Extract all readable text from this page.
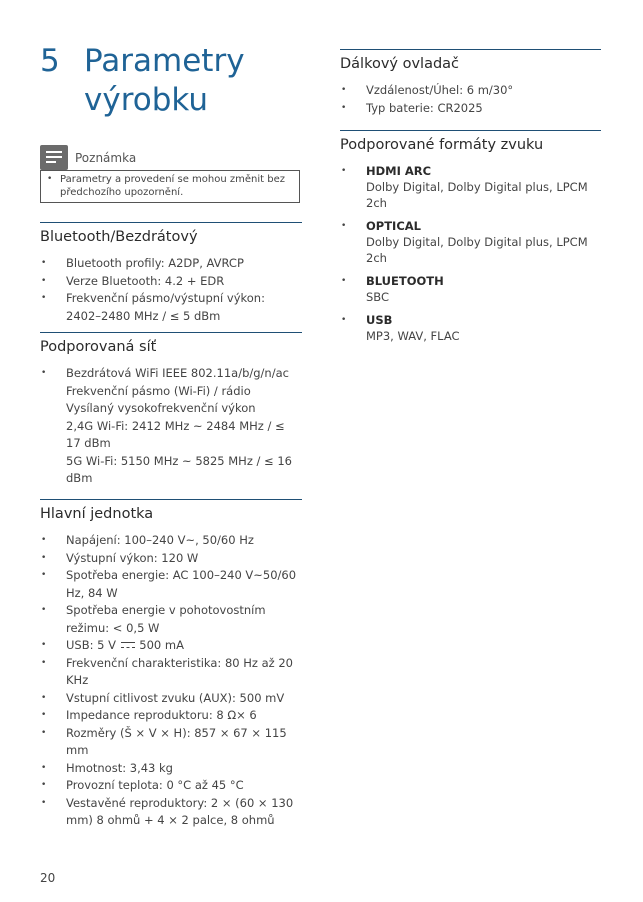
5 Parametry
výrobku
Poznámka
• Parametry a provedení se mohou změnit bez předchozího upozornění.
Bluetooth/Bezdrátový
• Bluetooth profily: A2DP, AVRCP
• Verze Bluetooth: 4.2 + EDR
• Frekvenční pásmo/výstupní výkon: 2402–2480 MHz / ≤ 5 dBm
Podporovaná síť
• Bezdrátová WiFi IEEE 802.11a/b/g/n/ac
Frekvenční pásmo (Wi-Fi) / rádio
Vysílaný vysokofrekvenční výkon
2,4G Wi-Fi: 2412 MHz ~ 2484 MHz / ≤ 17 dBm
5G Wi-Fi: 5150 MHz ~ 5825 MHz / ≤ 16 dBm
Hlavní jednotka
• Napájení: 100–240 V~, 50/60 Hz
• Výstupní výkon: 120 W
• Spotřeba energie: AC 100–240 V~50/60 Hz, 84 W
• Spotřeba energie v pohotovostním režimu: < 0,5 W
• USB: 5 V 500 mA
• Frekvenční charakteristika: 80 Hz až 20 KHz
• Vstupní citlivost zvuku (AUX): 500 mV
• Impedance reproduktoru: 8 Ω× 6
• Rozměry (Š × V × H): 857 × 67 × 115 mm
• Hmotnost: 3,43 kg
• Provozní teplota: 0 °C až 45 °C
• Vestavěné reproduktory: 2 × (60 × 130 mm) 8 ohmů + 4 × 2 palce, 8 ohmů
Dálkový ovladač
• Vzdálenost/Úhel: 6 m/30°
• Typ baterie: CR2025
Podporované formáty zvuku
• HDMI ARC
Dolby Digital, Dolby Digital plus, LPCM 2ch
• OPTICAL
Dolby Digital, Dolby Digital plus, LPCM 2ch
• BLUETOOTH
SBC
• USB
MP3, WAV, FLAC
20
